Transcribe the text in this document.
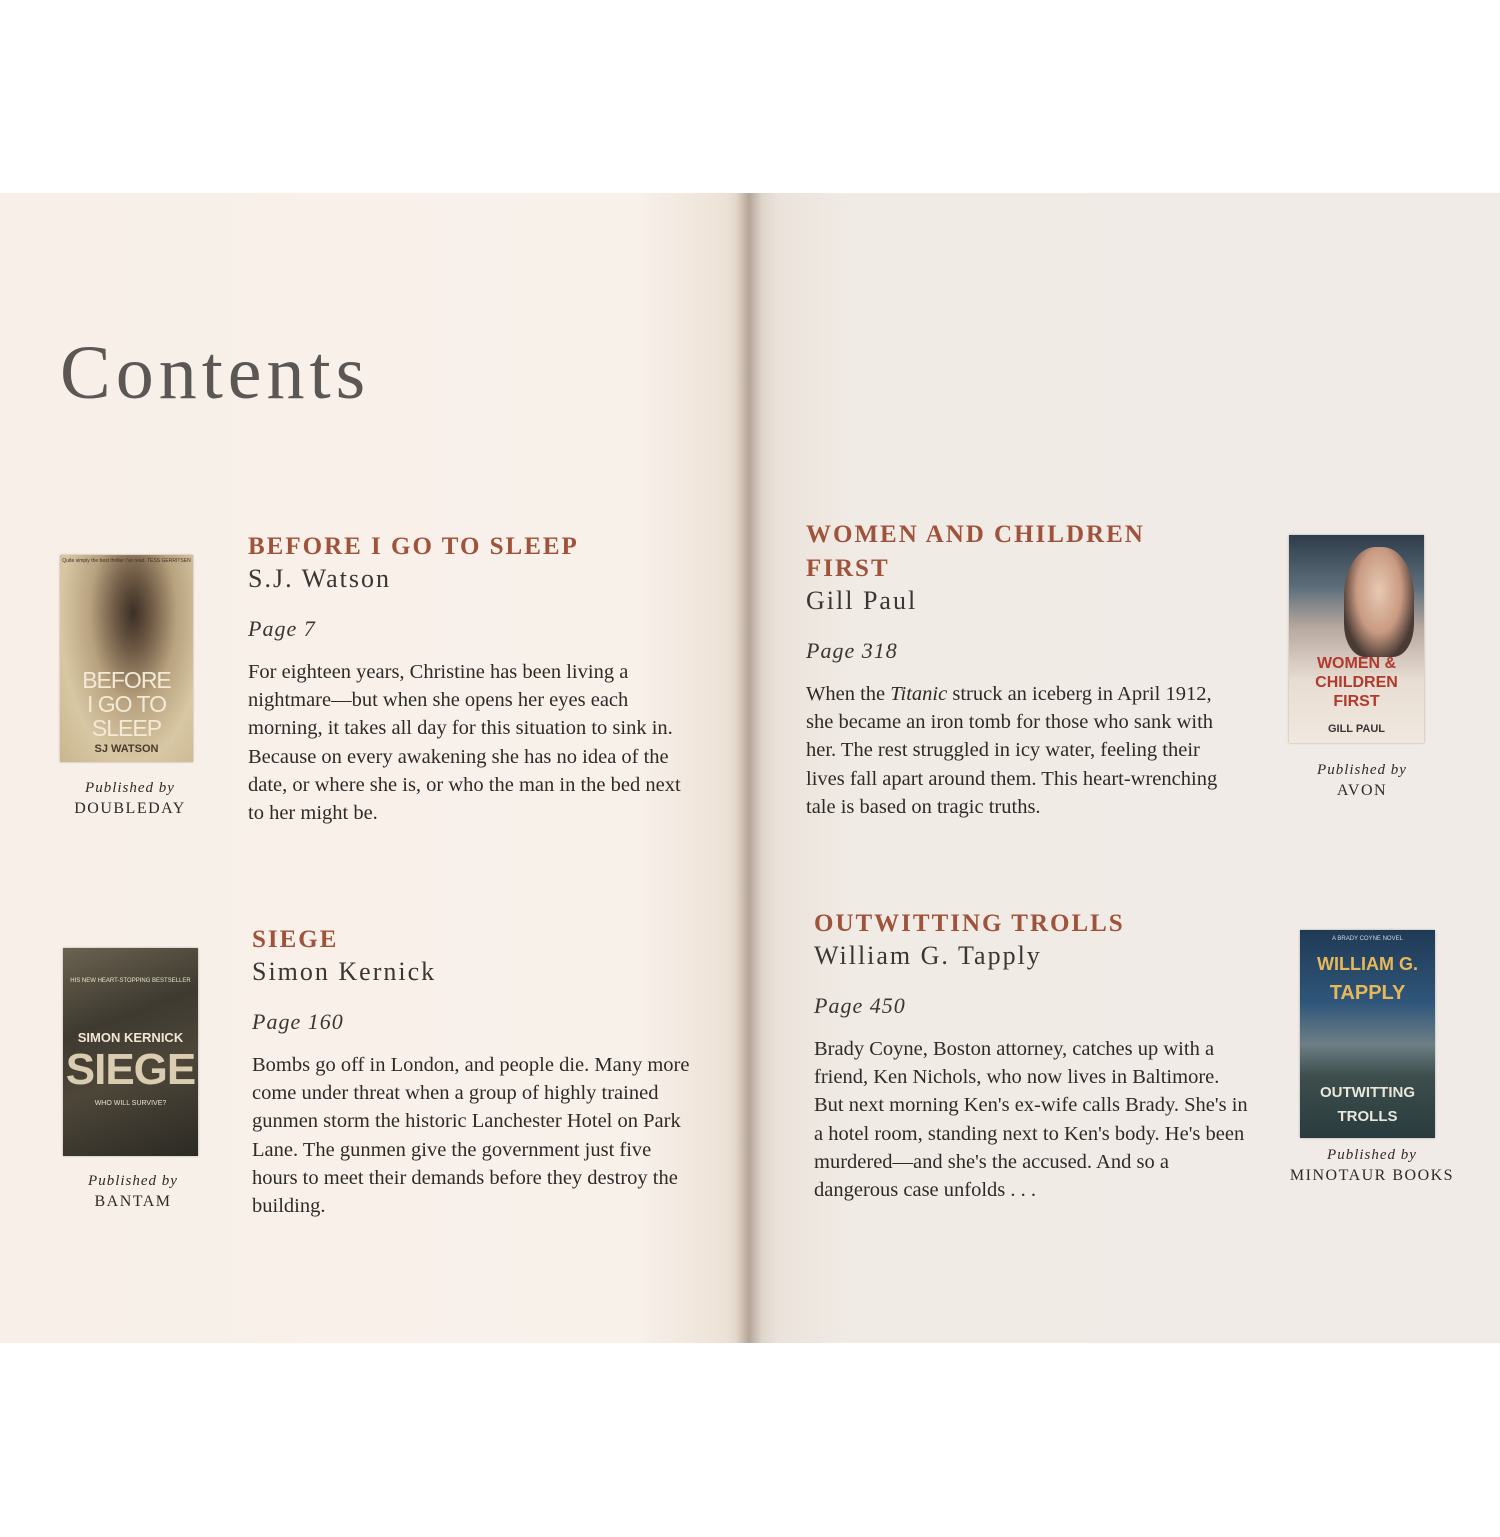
Contents
Quite simply the best thriller I've read. TESS GERRITSEN
BEFORE
I GO TO
SLEEP
SJ WATSON
Published by
DOUBLEDAY
BEFORE I GO TO SLEEP
S.J. Watson
Page 7
For eighteen years, Christine has been living a nightmare—but when she opens her eyes each morning, it takes all day for this situation to sink in. Because on every awakening she has no idea of the date, or where she is, or who the man in the bed next to her might be.
HIS NEW HEART-STOPPING BESTSELLER
SIMON KERNICK
SIEGE
WHO WILL SURVIVE?
Published by
BANTAM
SIEGE
Simon Kernick
Page 160
Bombs go off in London, and people die. Many more come under threat when a group of highly trained gunmen storm the historic Lanchester Hotel on Park Lane. The gunmen give the government just five hours to meet their demands before they destroy the building.
WOMEN AND CHILDREN
FIRST
Gill Paul
Page 318
When the Titanic struck an iceberg in April 1912, she became an iron tomb for those who sank with her. The rest struggled in icy water, feeling their lives fall apart around them. This heart-wrenching tale is based on tragic truths.
WOMEN &
CHILDREN
FIRST
GILL PAUL
Published by
AVON
OUTWITTING TROLLS
William G. Tapply
Page 450
Brady Coyne, Boston attorney, catches up with a friend, Ken Nichols, who now lives in Baltimore. But next morning Ken's ex-wife calls Brady. She's in a hotel room, standing next to Ken's body. He's been murdered—and she's the accused. And so a dangerous case unfolds . . .
A BRADY COYNE NOVEL
WILLIAM G.
TAPPLY
OUTWITTING
TROLLS
Published by
MINOTAUR BOOKS
